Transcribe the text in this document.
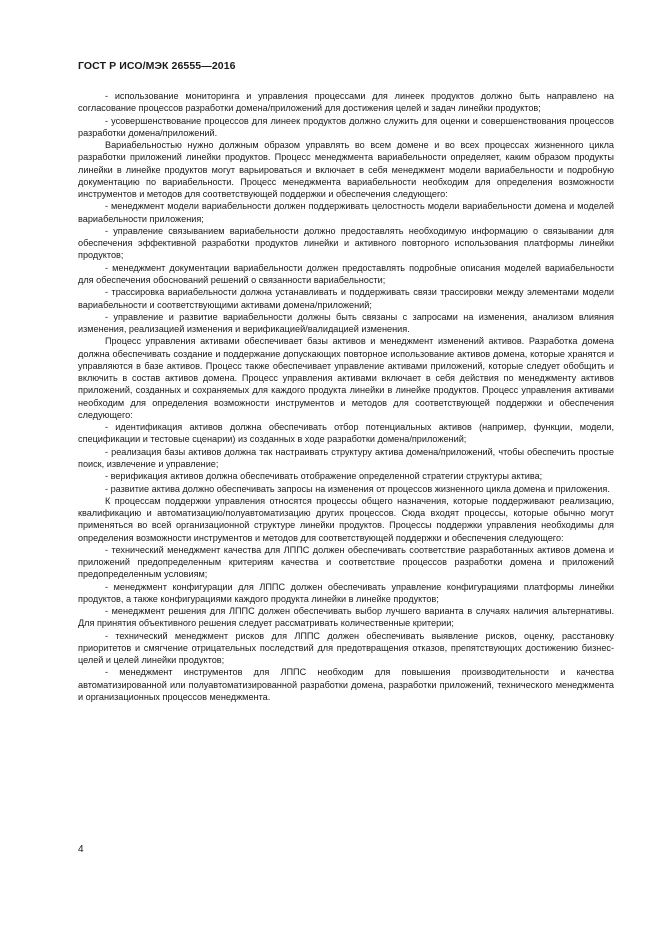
ГОСТ Р ИСО/МЭК 26555—2016

- использование мониторинга и управления процессами для линеек продуктов должно быть направлено на согласование процессов разработки домена/приложений для достижения целей и задач линейки продуктов;

- усовершенствование процессов для линеек продуктов должно служить для оценки и совершенствования процессов разработки домена/приложений.

Вариабельностью нужно должным образом управлять во всем домене и во всех процессах жизненного цикла разработки приложений линейки продуктов. Процесс менеджмента вариабельности определяет, каким образом продукты линейки в линейке продуктов могут варьироваться и включает в себя менеджмент модели вариабельности и подробную документацию по вариабельности. Процесс менеджмента вариабельности необходим для определения возможности инструментов и методов для соответствующей поддержки и обеспечения следующего:

- менеджмент модели вариабельности должен поддерживать целостность модели вариабельности домена и моделей вариабельности приложения;

- управление связыванием вариабельности должно предоставлять необходимую информацию о связывании для обеспечения эффективной разработки продуктов линейки и активного повторного использования платформы линейки продуктов;

- менеджмент документации вариабельности должен предоставлять подробные описания моделей вариабельности для обеспечения обоснований решений о связанности вариабельности;

- трассировка вариабельности должна устанавливать и поддерживать связи трассировки между элементами модели вариабельности и соответствующими активами домена/приложений;

- управление и развитие вариабельности должны быть связаны с запросами на изменения, анализом влияния изменения, реализацией изменения и верификацией/валидацией изменения.

Процесс управления активами обеспечивает базы активов и менеджмент изменений активов. Разработка домена должна обеспечивать создание и поддержание допускающих повторное использование активов домена, которые хранятся и управляются в базе активов. Процесс также обеспечивает управление активами приложений, которые следует обобщить и включить в состав активов домена. Процесс управления активами включает в себя действия по менеджменту активов приложений, созданных и сохраняемых для каждого продукта линейки в линейке продуктов. Процесс управления активами необходим для определения возможности инструментов и методов для соответствующей поддержки и обеспечения следующего:

- идентификация активов должна обеспечивать отбор потенциальных активов (например, функции, модели, спецификации и тестовые сценарии) из созданных в ходе разработки домена/приложений;

- реализация базы активов должна так настраивать структуру актива домена/приложений, чтобы обеспечить простые поиск, извлечение и управление;

- верификация активов должна обеспечивать отображение определенной стратегии структуры актива;

- развитие актива должно обеспечивать запросы на изменения от процессов жизненного цикла домена и приложения.

К процессам поддержки управления относятся процессы общего назначения, которые поддерживают реализацию, квалификацию и автоматизацию/полуавтоматизацию других процессов. Сюда входят процессы, которые обычно могут применяться во всей организационной структуре линейки продуктов. Процессы поддержки управления необходимы для определения возможности инструментов и методов для соответствующей поддержки и обеспечения следующего:

- технический менеджмент качества для ЛППС должен обеспечивать соответствие разработанных активов домена и приложений предопределенным критериям качества и соответствие процессов разработки домена и приложений предопределенным условиям;

- менеджмент конфигурации для ЛППС должен обеспечивать управление конфигурациями платформы линейки продуктов, а также конфигурациями каждого продукта линейки в линейке продуктов;

- менеджмент решения для ЛППС должен обеспечивать выбор лучшего варианта в случаях наличия альтернативы. Для принятия объективного решения следует рассматривать количественные критерии;

- технический менеджмент рисков для ЛППС должен обеспечивать выявление рисков, оценку, расстановку приоритетов и смягчение отрицательных последствий для предотвращения отказов, препятствующих достижению бизнес-целей и целей линейки продуктов;

- менеджмент инструментов для ЛППС необходим для повышения производительности и качества автоматизированной или полуавтоматизированной разработки домена, разработки приложений, технического менеджмента и организационных процессов менеджмента.

4
